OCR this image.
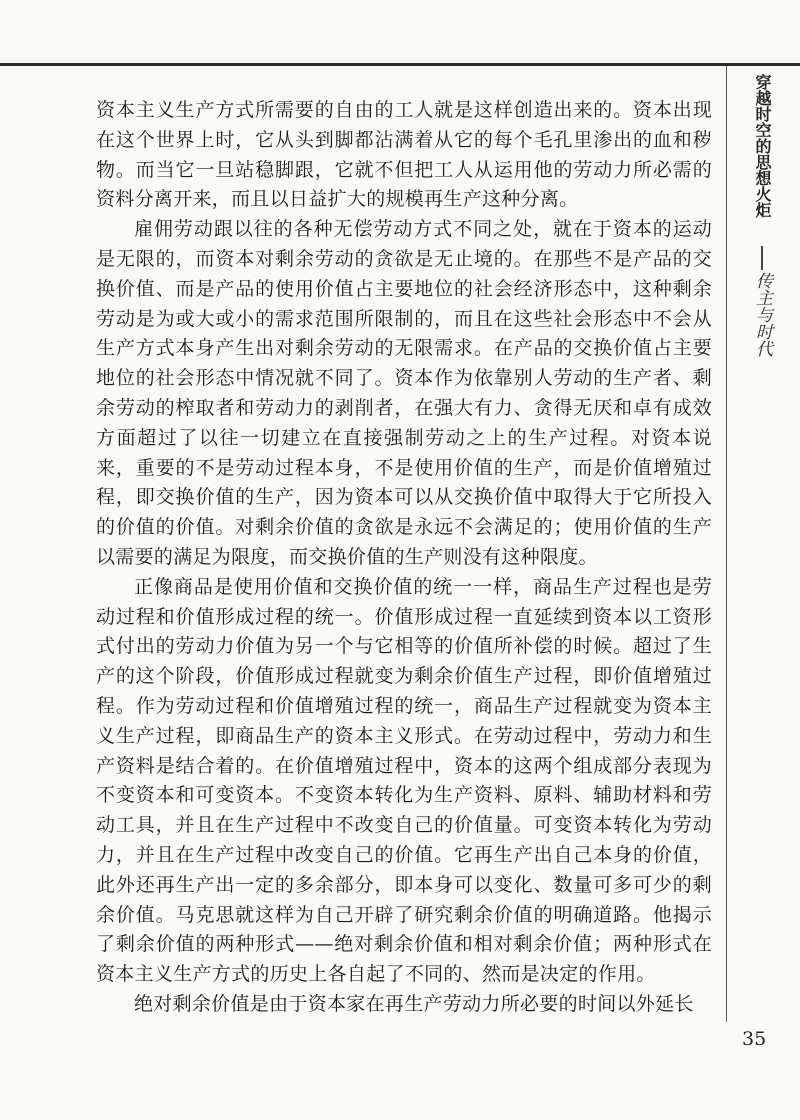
穿越时空的思想火炬
传主与时代

资本主义生产方式所需要的自由的工人就是这样创造出来的。资本出现在这个世界上时，它从头到脚都沾满着从它的每个毛孔里渗出的血和秽物。而当它一旦站稳脚跟，它就不但把工人从运用他的劳动力所必需的资料分离开来，而且以日益扩大的规模再生产这种分离。

雇佣劳动跟以往的各种无偿劳动方式不同之处，就在于资本的运动是无限的，而资本对剩余劳动的贪欲是无止境的。在那些不是产品的交换价值、而是产品的使用价值占主要地位的社会经济形态中，这种剩余劳动是为或大或小的需求范围所限制的，而且在这些社会形态中不会从生产方式本身产生出对剩余劳动的无限需求。在产品的交换价值占主要地位的社会形态中情况就不同了。资本作为依靠别人劳动的生产者、剩余劳动的榨取者和劳动力的剥削者，在强大有力、贪得无厌和卓有成效方面超过了以往一切建立在直接强制劳动之上的生产过程。对资本说来，重要的不是劳动过程本身，不是使用价值的生产，而是价值增殖过程，即交换价值的生产，因为资本可以从交换价值中取得大于它所投入的价值的价值。对剩余价值的贪欲是永远不会满足的；使用价值的生产以需要的满足为限度，而交换价值的生产则没有这种限度。

正像商品是使用价值和交换价值的统一一样，商品生产过程也是劳动过程和价值形成过程的统一。价值形成过程一直延续到资本以工资形式付出的劳动力价值为另一个与它相等的价值所补偿的时候。超过了生产的这个阶段，价值形成过程就变为剩余价值生产过程，即价值增殖过程。作为劳动过程和价值增殖过程的统一，商品生产过程就变为资本主义生产过程，即商品生产的资本主义形式。在劳动过程中，劳动力和生产资料是结合着的。在价值增殖过程中，资本的这两个组成部分表现为不变资本和可变资本。不变资本转化为生产资料、原料、辅助材料和劳动工具，并且在生产过程中不改变自己的价值量。可变资本转化为劳动力，并且在生产过程中改变自己的价值。它再生产出自己本身的价值，此外还再生产出一定的多余部分，即本身可以变化、数量可多可少的剩余价值。马克思就这样为自己开辟了研究剩余价值的明确道路。他揭示了剩余价值的两种形式——绝对剩余价值和相对剩余价值；两种形式在资本主义生产方式的历史上各自起了不同的、然而是决定的作用。

绝对剩余价值是由于资本家在再生产劳动力所必要的时间以外延长

35
